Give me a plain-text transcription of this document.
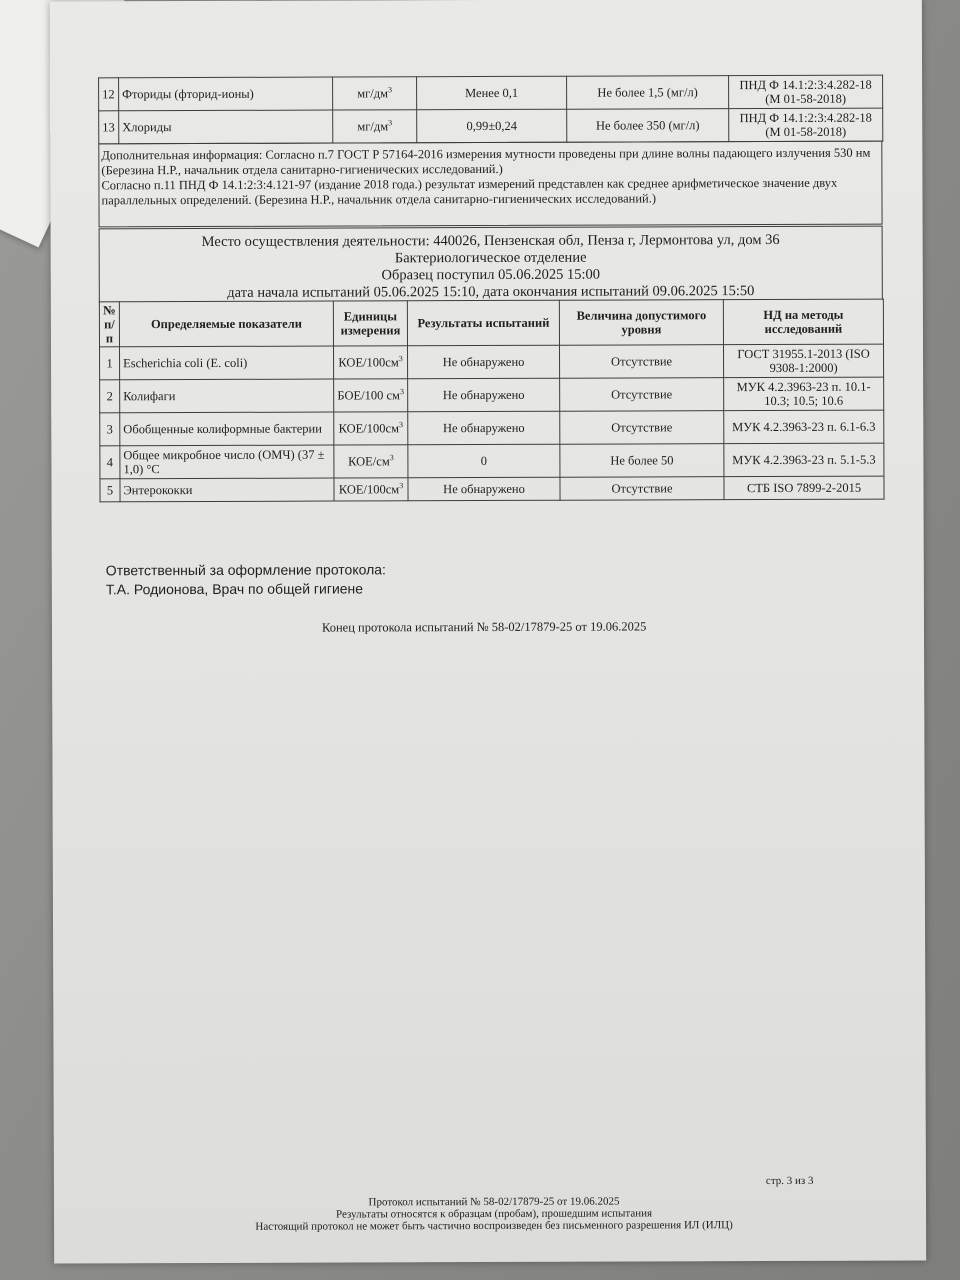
12	Фториды (фторид-ионы)	$мг/дм^3$	Менее 0,1	Не более 1,5 (мг/л)	ПНД Ф 14.1:2:3:4.282-18
(М 01-58-2018)

13	Хлориды	$мг/дм^3$	0,99±0,24	Не более 350 (мг/л)	ПНД Ф 14.1:2:3:4.282-18
(М 01-58-2018)

Дополнительная информация: Согласно п.7 ГОСТ Р 57164-2016 измерения мутности проведены при длине волны падающего излучения 530 нм (Березина Н.Р., начальник отдела санитарно-гигиенических исследований.)

Согласно п.11 ПНД Ф 14.1:2:3:4.121-97 (издание 2018 года.) результат измерений представлен как среднее арифметическое значение двух параллельных определений. (Березина Н.Р., начальник отдела санитарно-гигиенических исследований.)

Место осуществления деятельности: 440026, Пензенская обл, Пенза г, Лермонтова ул, дом 36
Бактериологическое отделение
Образец поступил 05.06.2025 15:00
дата начала испытаний 05.06.2025 15:10, дата окончания испытаний 09.06.2025 15:50
№ п/п	Определяемые показатели	Единицы измерения	Результаты испытаний	Величина допустимого уровня	НД на методы исследований
1	Escherichia coli (E. coli)	КОЕ/$100см^3$	Не обнаружено	Отсутствие	ГОСТ 31955.1-2013 (ISO 9308-1:2000)
2	Колифаги	БОЕ/100 $см^3$	Не обнаружено	Отсутствие	МУК 4.2.3963-23 п. 10.1-10.3; 10.5; 10.6
3	Обобщенные колиформные бактерии	КОЕ/$100см^3$	Не обнаружено	Отсутствие	МУК 4.2.3963-23 п. 6.1-6.3
4	Общее микробное число (ОМЧ) (37 ± 1,0) °С	КОЕ/$см^3$	0	Не более 50	МУК 4.2.3963-23 п. 5.1-5.3
5	Энтерококки	КОЕ/$100см^3$	Не обнаружено	Отсутствие	СТБ ISO 7899-2-2015
Ответственный за оформление протокола:
Т.А. Родионова, Врач по общей гигиене
Конец протокола испытаний № 58-02/17879-25 от 19.06.2025
стр. 3 из 3
Протокол испытаний № 58-02/17879-25 от 19.06.2025
Результаты относятся к образцам (пробам), прошедшим испытания
Настоящий протокол не может быть частично воспроизведен без письменного разрешения ИЛ (ИЛЦ)
